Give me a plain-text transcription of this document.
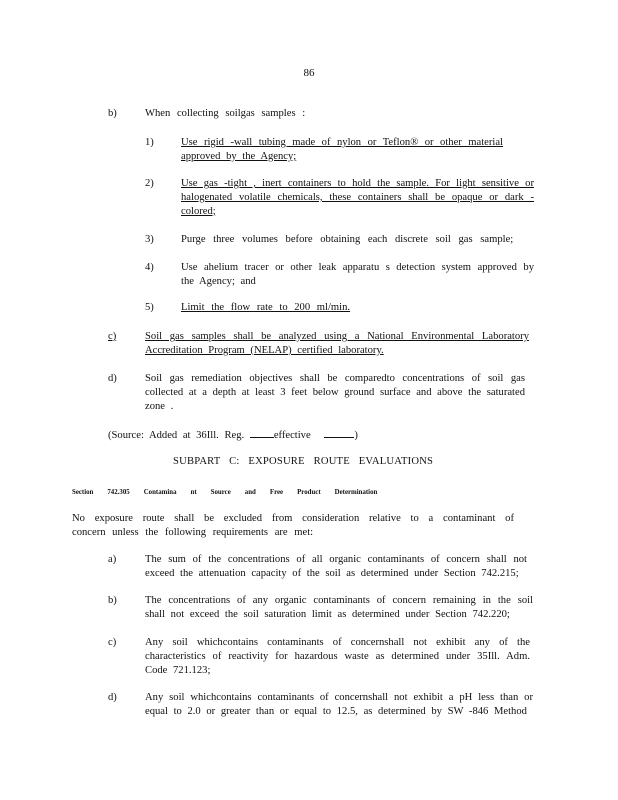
86
b)	When collecting soilgas samples :
1)	Use rigid -wall tubing made of nylon or Teflon® or other material approved by the Agency;
2)	Use gas -tight , inert containers to hold the sample. For light sensitive or halogenated volatile chemicals, these containers shall be opaque or dark - colored;
3)	Purge three volumes before obtaining each discrete soil gas sample;
4)	Use ahelium tracer or other leak apparatu s detection system approved by the Agency; and
5)	Limit the flow rate to 200 ml/min.
c)	Soil gas samples shall be analyzed using a National Environmental Laboratory Accreditation Program (NELAP) certified laboratory.
d)	Soil gas remediation objectives shall be comparedto concentrations of soil gas collected at a depth at least 3 feet below ground surface and above the saturated zone .
(Source: Added at 36Ill. Reg.	effective	)
SUBPART C: EXPOSURE ROUTE EVALUATIONS
Section 742.305 Contamina nt Source and Free Product Determination
No exposure route shall be excluded from consideration relative to a contaminant of concern unless the following requirements are met:
a)	The sum of the concentrations of all organic contaminants of concern shall not exceed the attenuation capacity of the soil as determined under Section 742.215;
b)	The concentrations of any organic contaminants of concern remaining in the soil shall not exceed the soil saturation limit as determined under Section 742.220;
c)	Any soil whichcontains contaminants of concernshall not exhibit any of the characteristics of reactivity for hazardous waste as determined under 35Ill. Adm. Code 721.123;
d)	Any soil whichcontains contaminants of concernshall not exhibit a pH less than or equal to 2.0 or greater than or equal to 12.5, as determined by SW -846 Method
